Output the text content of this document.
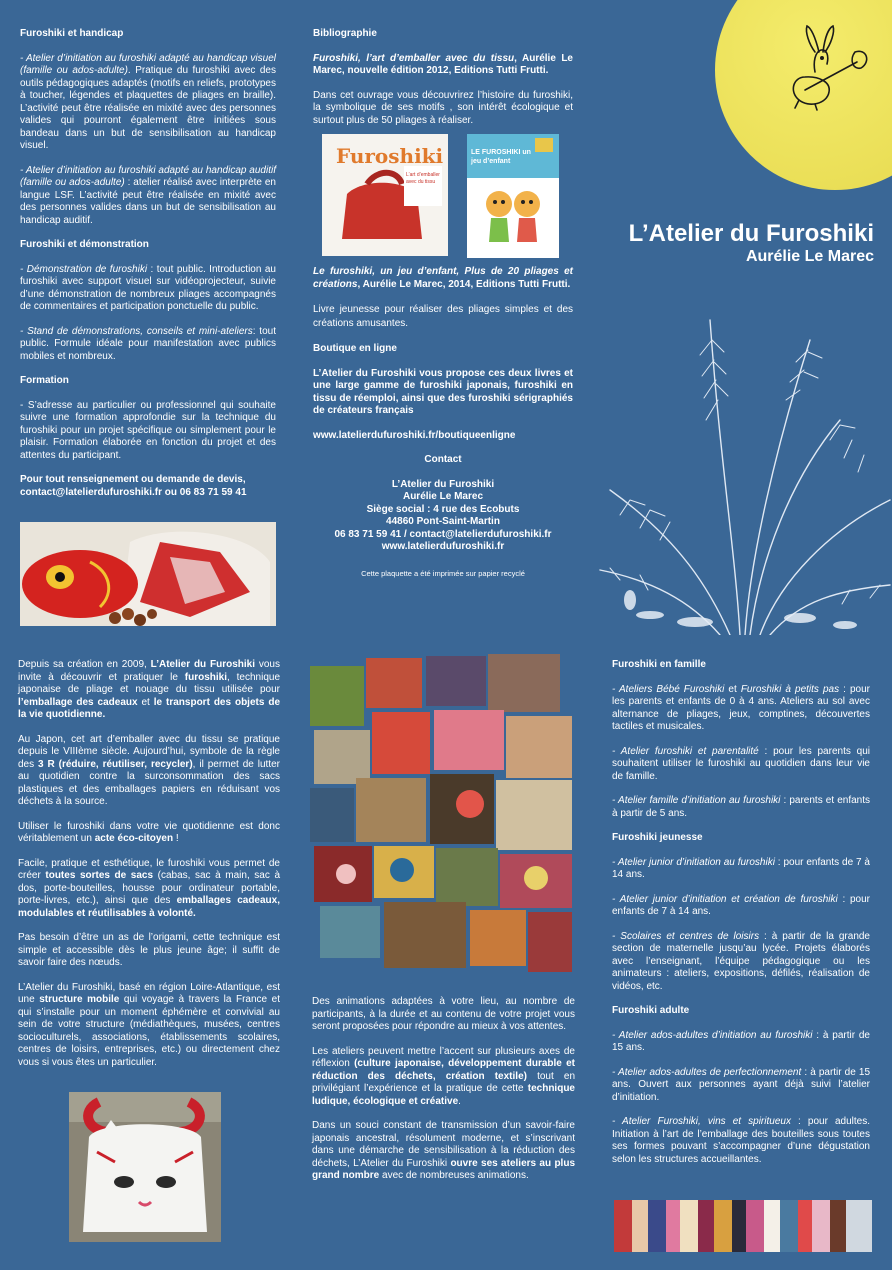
L’Atelier du Furoshiki
Aurélie Le Marec
Furoshiki et handicap

- Atelier d’initiation au furoshiki adapté au handicap visuel (famille ou ados-adulte). Pratique du furoshiki avec des outils pédagogiques adaptés (motifs en reliefs, prototypes à toucher, légendes et plaquettes de pliages en braille). L’activité peut être réalisée en mixité avec des personnes valides qui pourront également être initiées sous bandeau dans un but de sensibilisation au handicap visuel.

- Atelier d’initiation au furoshiki adapté au handicap auditif (famille ou ados-adulte) : atelier réalisé avec interprète en langue LSF. L’activité peut être réalisée en mixité avec des personnes valides dans un but de sensibilisation au handicap auditif.

Furoshiki et démonstration

- Démonstration de furoshiki : tout public. Introduction au furoshiki avec support visuel sur vidéoprojecteur, suivie d’une démonstration de nombreux pliages accompagnés de commentaires et participation ponctuelle du public.

- Stand de démonstrations, conseils et mini-ateliers: tout public. Formule idéale pour manifestation avec publics mobiles et nombreux.

Formation

- S’adresse au particulier ou professionnel qui souhaite suivre une formation approfondie sur la technique du furoshiki pour un projet spécifique ou simplement pour le plaisir. Formation élaborée en fonction du projet et des attentes du participant.

Pour tout renseignement ou demande de devis,
contact@latelierdufuroshiki.fr ou 06 83 71 59 41
Bibliographie

Furoshiki, l’art d’emballer avec du tissu, Aurélie Le Marec, nouvelle édition 2012, Editions Tutti Frutti.

Dans cet ouvrage vous découvrirez l’histoire du furoshiki, la symbolique de ses motifs , son intérêt écologique et surtout plus de 50 pliages à réaliser.

Furoshiki
L’art d’emballer avec du tissu
LE FUROSHIKI un jeu d’enfant

Le furoshiki, un jeu d’enfant, Plus de 20 pliages et créations, Aurélie Le Marec, 2014, Editions Tutti Frutti.

Livre jeunesse pour réaliser des pliages simples et des créations amusantes.

Boutique en ligne

L’Atelier du Furoshiki vous propose ces deux livres et une large gamme de furoshiki japonais, furoshiki en tissu de réemploi, ainsi que des furoshiki sérigraphiés de créateurs français

www.latelierdufuroshiki.fr/boutiqueenligne

Contact
L’Atelier du Furoshiki
Aurélie Le Marec
Siège social : 4 rue des Ecobuts
44860 Pont-Saint-Martin
06 83 71 59 41 / contact@latelierdufuroshiki.fr
www.latelierdufuroshiki.fr
Cette plaquette a été imprimée sur papier recyclé

Depuis sa création en 2009, L’Atelier du Furoshiki vous invite à découvrir et pratiquer le furoshiki, technique japonaise de pliage et nouage du tissu utilisée pour l’emballage des cadeaux et le transport des objets de la vie quotidienne.

Au Japon, cet art d’emballer avec du tissu se pratique depuis le VIIIème siècle. Aujourd’hui, symbole de la règle des 3 R (réduire, réutiliser, recycler), il permet de lutter au quotidien contre la surconsommation des sacs plastiques et des emballages papiers en réduisant vos déchets à la source.

Utiliser le furoshiki dans votre vie quotidienne est donc véritablement un acte éco-citoyen !

Facile, pratique et esthétique, le furoshiki vous permet de créer toutes sortes de sacs (cabas, sac à main, sac à dos, porte-bouteilles, housse pour ordinateur portable, porte-livres, etc.), ainsi que des emballages cadeaux, modulables et réutilisables à volonté.

Pas besoin d’être un as de l’origami, cette technique est simple et accessible dès le plus jeune âge; il suffit de savoir faire des nœuds.

L’Atelier du Furoshiki, basé en région Loire-Atlantique, est une structure mobile qui voyage à travers la France et qui s’installe pour un moment éphémère et convivial au sein de votre structure (médiathèques, musées, centres socioculturels, associations, établissements scolaires, centres de loisirs, entreprises, etc.) ou directement chez vous si vous êtes un particulier.

Des animations adaptées à votre lieu, au nombre de participants, à la durée et au contenu de votre projet vous seront proposées pour répondre au mieux à vos attentes.

Les ateliers peuvent mettre l’accent sur plusieurs axes de réflexion (culture japonaise, développement durable et réduction des déchets, création textile) tout en privilégiant l’expérience et la pratique de cette technique ludique, écologique et créative.

Dans un souci constant de transmission d’un savoir-faire japonais ancestral, résolument moderne, et s’inscrivant dans une démarche de sensibilisation à la réduction des déchets, L’Atelier du Furoshiki ouvre ses ateliers au plus grand nombre avec de nombreuses animations.

Furoshiki en famille

- Ateliers Bébé Furoshiki et Furoshiki à petits pas : pour les parents et enfants de 0 à 4 ans. Ateliers au sol avec alternance de pliages, jeux, comptines, découvertes tactiles et musicales.

- Atelier furoshiki et parentalité : pour les parents qui souhaitent utiliser le furoshiki au quotidien dans leur vie de famille.

- Atelier famille d’initiation au furoshiki : parents et enfants à partir de 5 ans.

Furoshiki jeunesse

- Atelier junior d’initiation au furoshiki : pour enfants de 7 à 14 ans.

- Atelier junior d’initiation et création de furoshiki : pour enfants de 7 à 14 ans.

- Scolaires et centres de loisirs : à partir de la grande section de maternelle jusqu’au lycée. Projets élaborés avec l’enseignant, l’équipe pédagogique ou les animateurs : ateliers, expositions, défilés, réalisation de vidéos, etc.

Furoshiki adulte

- Atelier ados-adultes d’initiation au furoshiki : à partir de 15 ans.

- Atelier ados-adultes de perfectionnement : à partir de 15 ans. Ouvert aux personnes ayant déjà suivi l’atelier d’initiation.

- Atelier Furoshiki, vins et spiritueux : pour adultes. Initiation à l’art de l’emballage des bouteilles sous toutes ses formes pouvant s’accompagner d’une dégustation selon les structures accueillantes.
